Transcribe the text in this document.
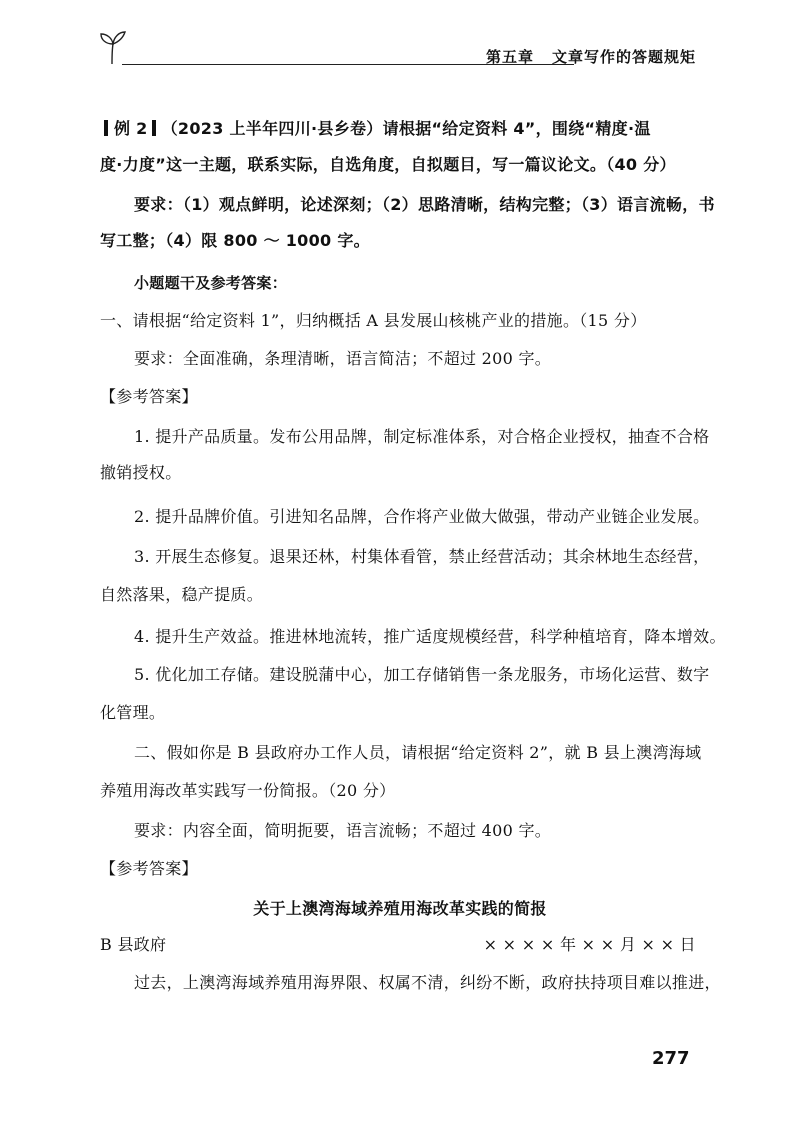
第五章 文章写作的答题规矩
例 2 （2023 上半年四川·县乡卷）请根据“给定资料 4”，围绕“精度·温
度·力度”这一主题，联系实际，自选角度，自拟题目，写一篇议论文。（40 分）
要求：（1）观点鲜明，论述深刻；（2）思路清晰，结构完整；（3）语言流畅，书
写工整；（4）限 800 ～ 1000 字。
小题题干及参考答案：
一、请根据“给定资料 1”，归纳概括 A 县发展山核桃产业的措施。（15 分）
要求：全面准确，条理清晰，语言简洁；不超过 200 字。
【参考答案】
1. 提升产品质量。发布公用品牌，制定标准体系，对合格企业授权，抽查不合格
撤销授权。
2. 提升品牌价值。引进知名品牌，合作将产业做大做强，带动产业链企业发展。
3. 开展生态修复。退果还林，村集体看管，禁止经营活动；其余林地生态经营，
自然落果，稳产提质。
4. 提升生产效益。推进林地流转，推广适度规模经营，科学种植培育，降本增效。
5. 优化加工存储。建设脱蒲中心，加工存储销售一条龙服务，市场化运营、数字
化管理。
二、假如你是 B 县政府办工作人员，请根据“给定资料 2”，就 B 县上澳湾海域
养殖用海改革实践写一份简报。（20 分）
要求：内容全面，简明扼要，语言流畅；不超过 400 字。
【参考答案】
关于上澳湾海域养殖用海改革实践的简报
B 县政府	× × × × 年 × × 月 × × 日
过去，上澳湾海域养殖用海界限、权属不清，纠纷不断，政府扶持项目难以推进，
277
